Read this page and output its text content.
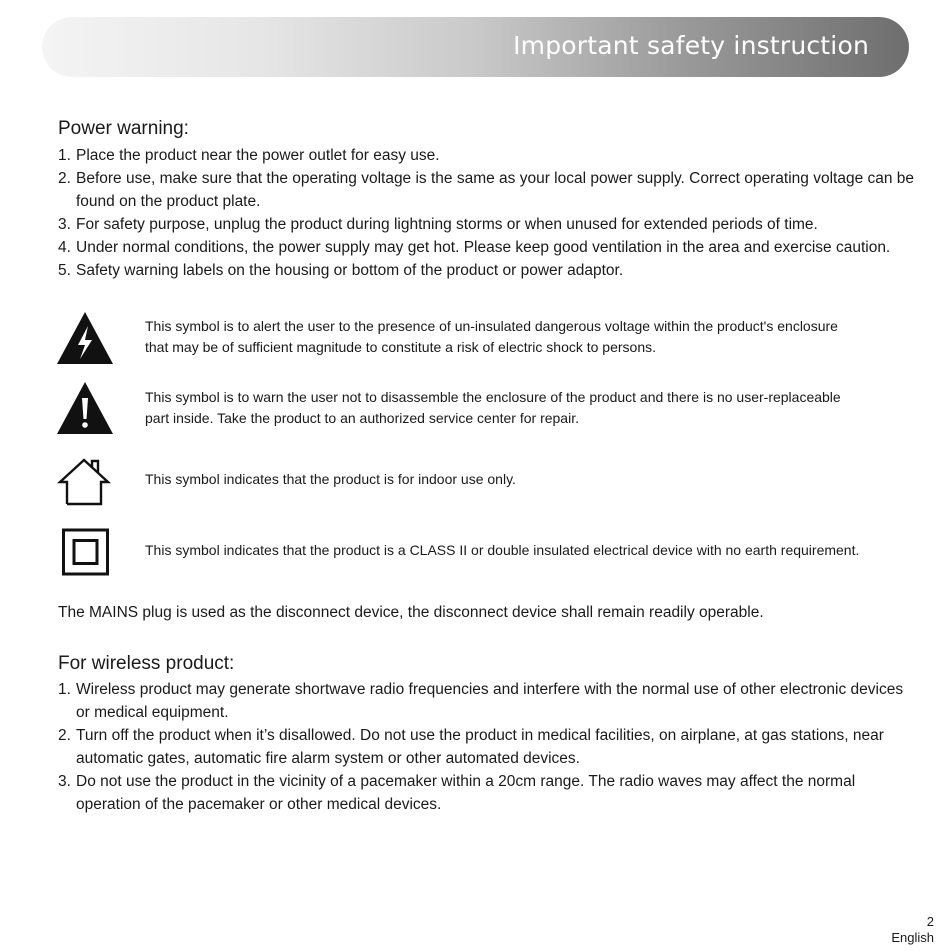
Important safety instruction
Power warning:
1. Place the product near the power outlet for easy use.
2. Before use, make sure that the operating voltage is the same as your local power supply. Correct operating voltage can be found on the product plate.
3. For safety purpose, unplug the product during lightning storms or when unused for extended periods of time.
4. Under normal conditions, the power supply may get hot. Please keep good ventilation in the area and exercise caution.
5. Safety warning labels on the housing or bottom of the product or power adaptor.
This symbol is to alert the user to the presence of un-insulated dangerous voltage within the product's enclosure that may be of sufficient magnitude to constitute a risk of electric shock to persons.
This symbol is to warn the user not to disassemble the enclosure of the product and there is no user-replaceable part inside. Take the product to an authorized service center for repair.
This symbol indicates that the product is for indoor use only.
This symbol indicates that the product is a CLASS II or double insulated electrical device with no earth requirement.
The MAINS plug is used as the disconnect device, the disconnect device shall remain readily operable.
For wireless product:
1. Wireless product may generate shortwave radio frequencies and interfere with the normal use of other electronic devices or medical equipment.
2. Turn off the product when it’s disallowed. Do not use the product in medical facilities, on airplane, at gas stations, near automatic gates, automatic fire alarm system or other automated devices.
3. Do not use the product in the vicinity of a pacemaker within a 20cm range. The radio waves may affect the normal operation of the pacemaker or other medical devices.
2
English
